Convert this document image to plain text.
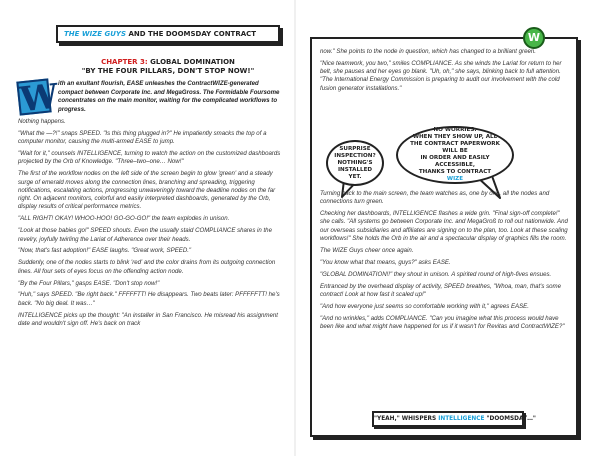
THE WIZE GUYS AND THE DOOMSDAY CONTRACT
CHAPTER 3: GLOBAL DOMINATION
"BY THE FOUR PILLARS, DON'T STOP NOW!"
W
ith an exultant flourish, EASE unleashes the ContractWIZE-generated compact between Corporate Inc. and MegaGross. The Formidable Foursome concentrates on the main monitor, waiting for the complicated workflows to progress.

Nothing happens.

"What the —?!" snaps SPEED. "Is this thing plugged in?" He impatiently smacks the top of a computer monitor, causing the multi-armed EASE to jump.

"Wait for it," counsels INTELLIGENCE, turning to watch the action on the customized dashboards projected by the Orb of Knowledge. "Three–two–one… Now!"

The first of the workflow nodes on the left side of the screen begin to glow 'green' and a steady surge of emerald moves along the connection lines, branching and spreading, triggering notifications, escalating actions, progressing unwaveringly toward the deadline nodes on the far right. On adjacent monitors, colorful and easily interpreted dashboards, generated by the Orb, display results of critical performance metrics.

"ALL RIGHT! OKAY! WHOO-HOO! GO-GO-GO!" the team explodes in unison.

"Look at those babies go!" SPEED shouts. Even the usually staid COMPLIANCE shares in the revelry, joyfully twirling the Lariat of Adherence over their heads.

"Now, that's fast adoption!" EASE laughs. "Great work, SPEED."

Suddenly, one of the nodes starts to blink 'red' and the color drains from its outgoing connection lines. All four sets of eyes focus on the offending action node.

"By the Four Pillars," gasps EASE. "Don't stop now!"

"Huh," says SPEED. "Be right back." FFFFFTT! He disappears. Two beats later: PFFFFFTT! he's back. "No big deal. It was…"

INTELLIGENCE picks up the thought: "An installer in San Francisco. He misread his assignment date and wouldn't sign off. He's back on track

W

now." She points to the node in question, which has changed to a brilliant green.

"Nice teamwork, you two," smiles COMPLIANCE. As she winds the Lariat for return to her belt, she pauses and her eyes go blank. "Uh, oh," she says, blinking back to full attention. "The International Energy Commission is preparing to audit our involvement with the cold fusion generator installations."

SURPRISE
INSPECTION?
NOTHING'S
INSTALLED YET.
NO WORRIES.
WHEN THEY SHOW UP, ALL
THE CONTRACT PAPERWORK WILL BE
IN ORDER AND EASILY ACCESSIBLE,
THANKS TO CONTRACT
WIZE

Turning back to the main screen, the team watches as, one by one, all the nodes and connections turn green.

Checking her dashboards, INTELLIGENCE flashes a wide grin. "Final sign-off complete!" she calls. "All systems go between Corporate Inc. and MegaGroß to roll out nationwide. And our overseas subsidiaries and affiliates are signing on to the plan, too. Look at these scaling workflows!" She holds the Orb in the air and a spectacular display of graphics fills the room.

The WIZE Guys cheer once again.

"You know what that means, guys?" asks EASE.

"GLOBAL DOMINATION!!" they shout in unison. A spirited round of high-fives ensues.

Entranced by the overhead display of activity, SPEED breathes, "Whoa, man, that's some contract! Look at how fast it scaled up!"

"And how everyone just seems so comfortable working with it," agrees EASE.

"And no wrinkles," adds COMPLIANCE. "Can you imagine what this process would have been like and what might have happened for us if it wasn't for Revitas and ContractWIZE?"

"YEAH," WHISPERS INTELLIGENCE "DOOMSDAY…"
